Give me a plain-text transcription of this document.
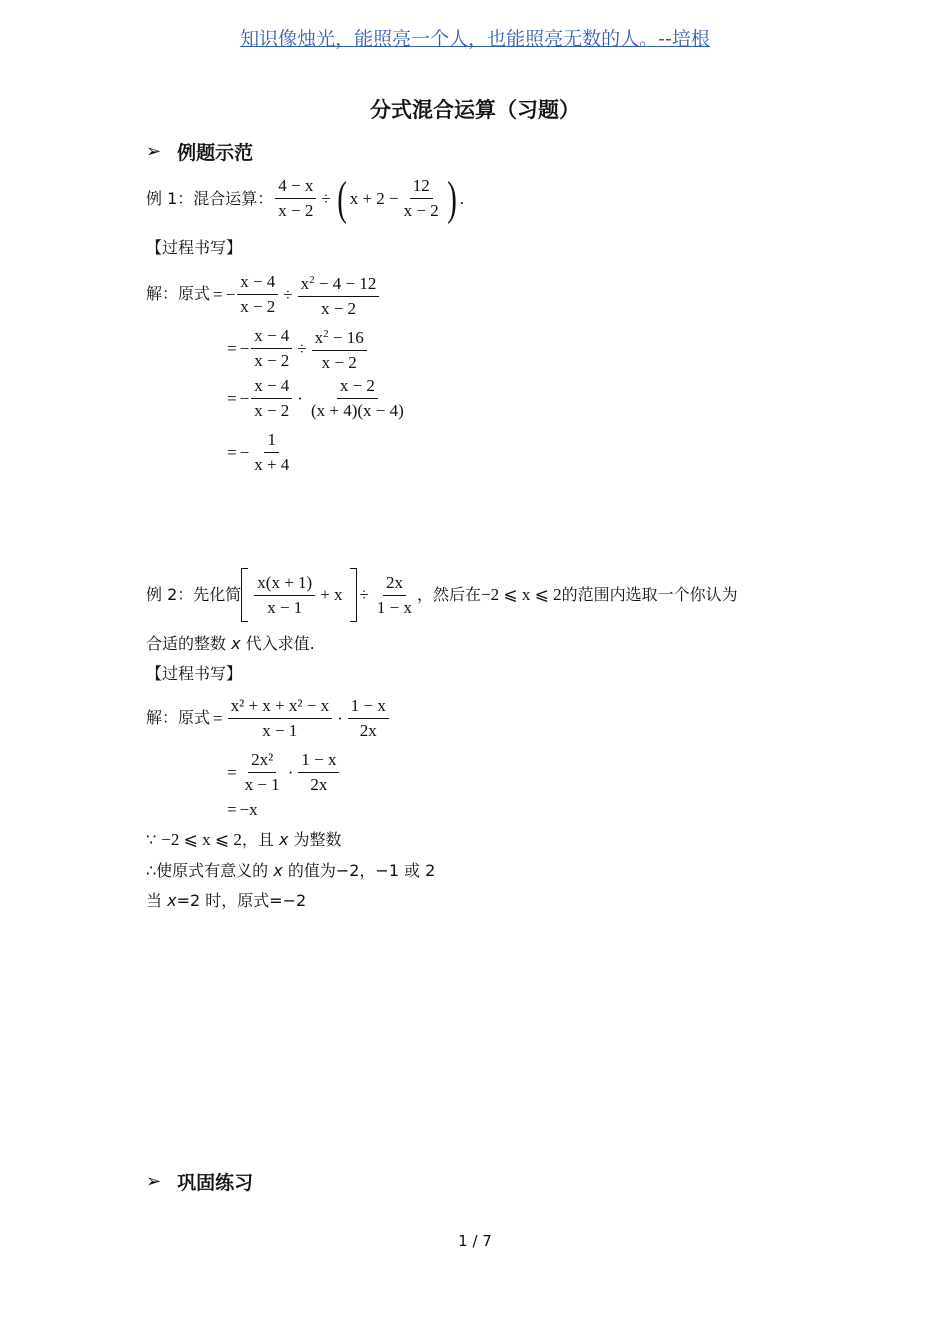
知识像烛光，能照亮一个人，也能照亮无数的人。--培根
分式混合运算（习题）
➢ 例题示范
例 1：混合运算： $\frac{4 - x}{x - 2}$ ÷ ( $x + 2 - \frac{12}{x - 2}$ ) .
【过程书写】
解：原式 = − $\frac{x - 4}{x - 2} \div \frac{x^2 - 4 - 12}{x - 2}$
= − $\frac{x - 4}{x - 2} \div \frac{x^2 - 16}{x - 2}$
= − $\frac{x - 4}{x - 2} \cdot \frac{x - 2}{(x + 4)(x - 4)}$
= − $\frac{1}{x + 4}$
例 2：先化简 $\frac{x(x + 1)}{x - 1} + x \div \frac{2x}{1 - x}$ ，然后在 −2 ⩽ x ⩽ 2 的范围内选取一个你认为
合适的整数 x 代入求值.
【过程书写】
解：原式 = $\frac{\text{x² + x + x² − x}}{x - 1} \cdot \frac{1 - x}{2x}$
= $\frac{\text{2x²}}{x - 1} \cdot \frac{1 - x}{2x}$
= −x
∵ −2 ⩽ x ⩽ 2，且 x 为整数
∴使原式有意义的 x 的值为−2，−1 或 2
当 x=2 时，原式=−2
➢ 巩固练习
1 / 7
